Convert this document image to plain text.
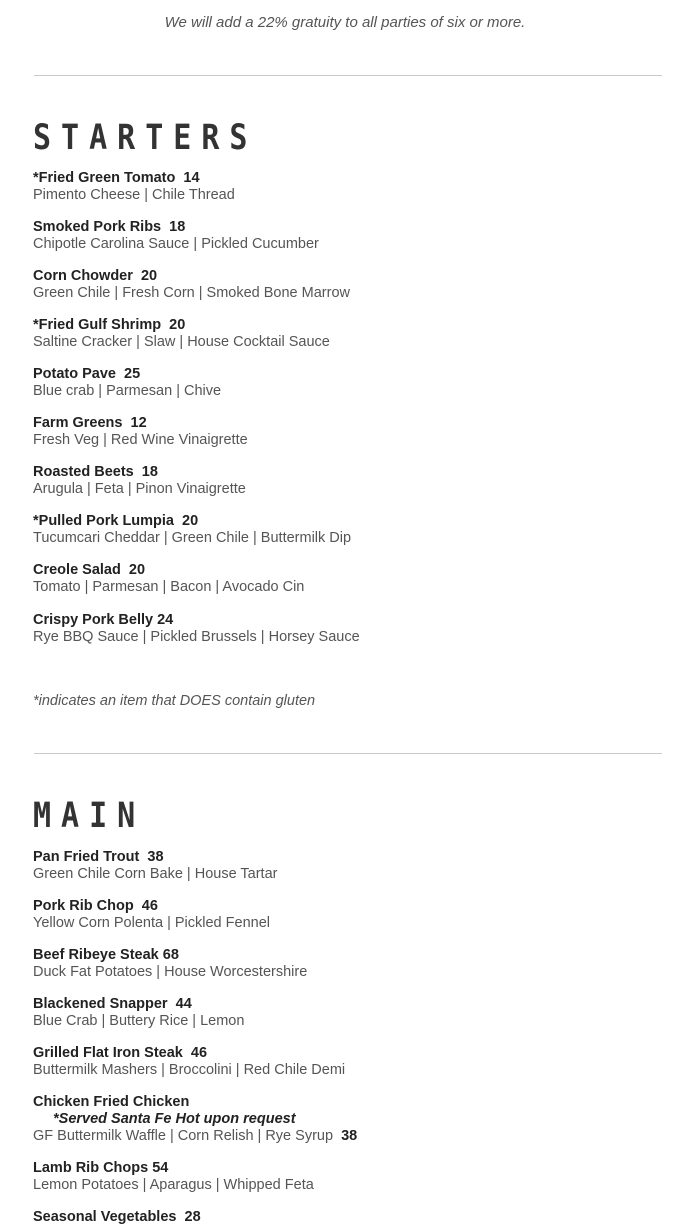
We will add a 22% gratuity to all parties of six or more.
STARTERS
*Fried Green Tomato  14
Pimento Cheese | Chile Thread
Smoked Pork Ribs  18
Chipotle Carolina Sauce | Pickled Cucumber
Corn Chowder  20
Green Chile | Fresh Corn | Smoked Bone Marrow
*Fried Gulf Shrimp  20
Saltine Cracker | Slaw | House Cocktail Sauce
Potato Pave  25
Blue crab | Parmesan | Chive
Farm Greens  12
Fresh Veg | Red Wine Vinaigrette
Roasted Beets  18
Arugula | Feta | Pinon Vinaigrette
*Pulled Pork Lumpia  20
Tucumcari Cheddar | Green Chile | Buttermilk Dip
Creole Salad  20
Tomato | Parmesan | Bacon | Avocado Cin
Crispy Pork Belly 24
Rye BBQ Sauce | Pickled Brussels | Horsey Sauce
*indicates an item that DOES contain gluten
MAIN
Pan Fried Trout  38
Green Chile Corn Bake | House Tartar
Pork Rib Chop  46
Yellow Corn Polenta | Pickled Fennel
Beef Ribeye Steak 68
Duck Fat Potatoes | House Worcestershire
Blackened Snapper  44
Blue Crab | Buttery Rice | Lemon
Grilled Flat Iron Steak  46
Buttermilk Mashers | Broccolini | Red Chile Demi
Chicken Fried Chicken
*Served Santa Fe Hot upon request
GF Buttermilk Waffle | Corn Relish | Rye Syrup 38
Lamb Rib Chops 54
Lemon Potatoes | Aparagus | Whipped Feta
Seasonal Vegetables  28
